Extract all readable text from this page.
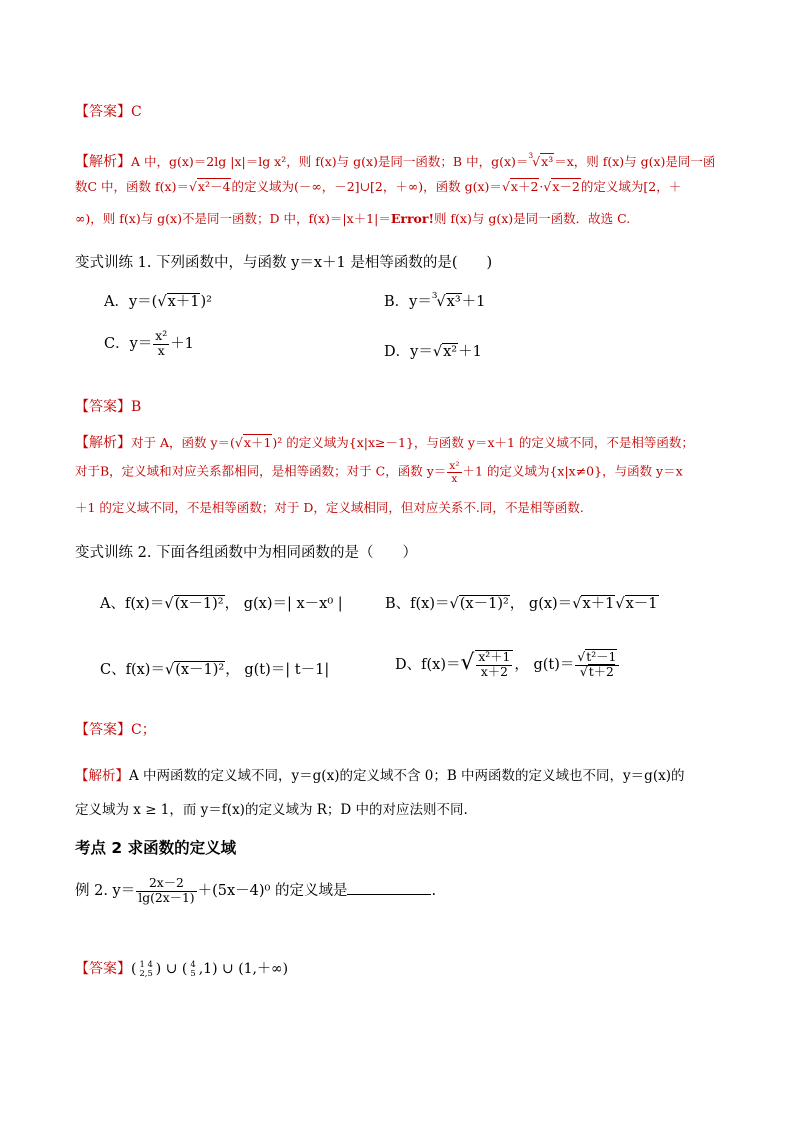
【答案】C
【解析】A 中，g(x)＝2lg |x|＝lg x²，则 f(x)与 g(x)是同一函数；B 中，g(x)＝$^3$√x³＝x，则 f(x)与 g(x)是同一函
数C 中，函数 f(x)＝√x²－4的定义域为(－∞，－2]∪[2，＋∞)，函数 g(x)＝√x＋2·√x－2的定义域为[2，＋
∞)，则 f(x)与 g(x)不是同一函数；D 中，f(x)＝|x＋1|＝Error!则 f(x)与 g(x)是同一函数．故选 C.
变式训练 1. 下列函数中，与函数 y＝x＋1 是相等函数的是(　　)
A．y＝(√x＋1)²	B．y＝$^3$√x³＋1
C．$y= \frac{\text{x²}}{x} +1$	D．y＝√x²＋1
【答案】B
【解析】对于 A，函数 y＝(√x＋1)² 的定义域为{x|x≥－1}，与函数 y＝x＋1 的定义域不同，不是相等函数；
对于B，定义域和对应关系都相同，是相等函数；对于 C，函数 $y= \frac{\text{x²}}{x} +1$ 的定义域为{x|x≠0}，与函数 y＝x
＋1 的定义域不同，不是相等函数；对于 D，定义域相同，但对应关系不.同，不是相等函数.
变式训练 2. 下面各组函数中为相同函数的是（　　）
A、f(x)＝√(x－1)²， g(x)＝| x－x⁰ |	B、f(x)＝√(x－1)²， g(x)＝√x＋1√x－1
C、f(x)＝√(x－1)²， g(t)＝| t－1|	D、$f(x)=√ \frac{\text{x²＋1}}{x+2}$ ， $g(t)= \frac{\text{√t²－1}}{√t+2}$
【答案】C；
【解析】A 中两函数的定义域不同，y＝g(x)的定义域不含 0；B 中两函数的定义域也不同，y＝g(x)的
定义域为 x ≥ 1，而 y＝f(x)的定义域为 R；D 中的对应法则不同.
考点 2 求函数的定义域
例 2. $y= \frac{2x-2}{\lg(2x-1)} +(5x-4)^0$ 的定义域是	.
【答案】( 1 4
2,5 ) ∪ ( 4
5 ,1) ∪ (1,＋∞)
